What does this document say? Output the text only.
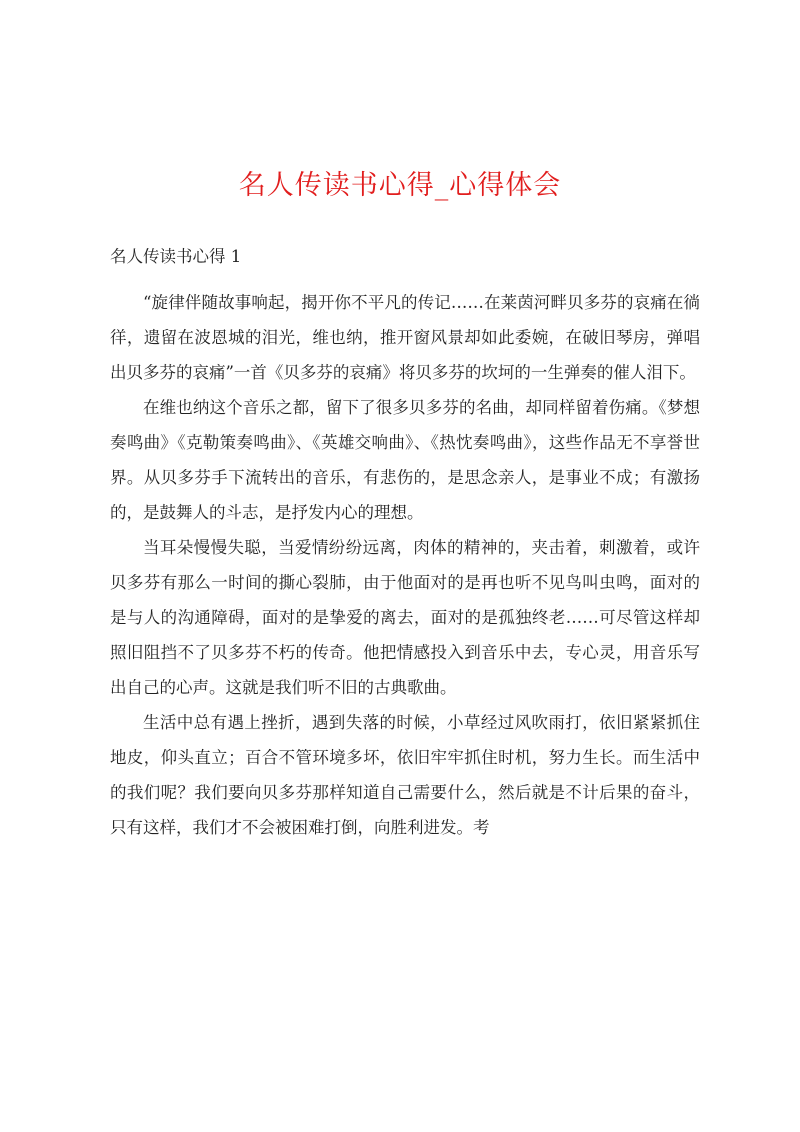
名人传读书心得_心得体会

名人传读书心得 1

“旋律伴随故事响起，揭开你不平凡的传记……在莱茵河畔贝多芬的哀痛在徜徉，遗留在波恩城的泪光，维也纳，推开窗风景却如此委婉，在破旧琴房，弹唱出贝多芬的哀痛”一首《贝多芬的哀痛》将贝多芬的坎坷的一生弹奏的催人泪下。

在维也纳这个音乐之都，留下了很多贝多芬的名曲，却同样留着伤痛。《梦想奏鸣曲》《克勒策奏鸣曲》、《英雄交响曲》、《热忱奏鸣曲》，这些作品无不享誉世界。从贝多芬手下流转出的音乐，有悲伤的，是思念亲人，是事业不成；有激扬的，是鼓舞人的斗志，是抒发内心的理想。

当耳朵慢慢失聪，当爱情纷纷远离，肉体的精神的，夹击着，刺激着，或许贝多芬有那么一时间的撕心裂肺，由于他面对的是再也听不见鸟叫虫鸣，面对的是与人的沟通障碍，面对的是挚爱的离去，面对的是孤独终老……可尽管这样却照旧阻挡不了贝多芬不朽的传奇。他把情感投入到音乐中去，专心灵，用音乐写出自己的心声。这就是我们听不旧的古典歌曲。

生活中总有遇上挫折，遇到失落的时候，小草经过风吹雨打，依旧紧紧抓住地皮，仰头直立；百合不管环境多坏，依旧牢牢抓住时机，努力生长。而生活中的我们呢？我们要向贝多芬那样知道自己需要什么，然后就是不计后果的奋斗，只有这样，我们才不会被困难打倒，向胜利进发。考
